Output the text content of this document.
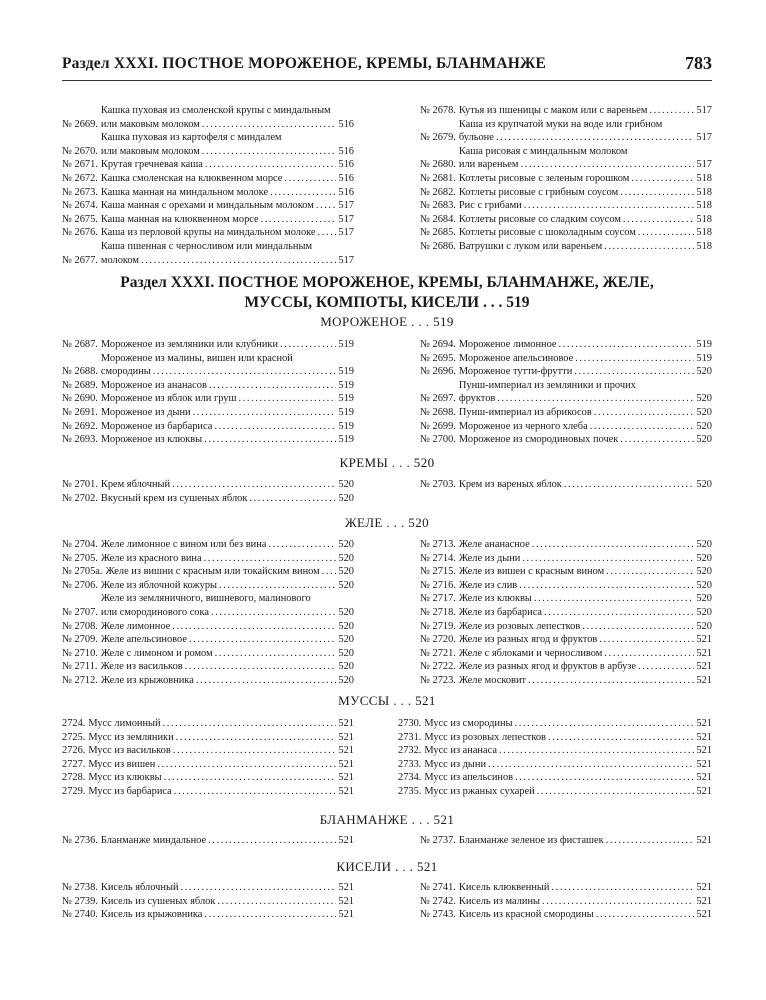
Раздел XXXI. ПОСТНОЕ МОРОЖЕНОЕ, КРЕМЫ, БЛАНМАНЖЕ	783
№ 2669.
Кашка пуховая из смоленской крупы с миндальным
или маковым молоком .....	516
№ 2670.
Кашка пуховая из картофеля с миндалем
или маковым молоком .....	516
№ 2671. Крутая гречневая каша .....	516
№ 2672. Кашка смоленская на клюквенном морсе .....	516
№ 2673. Кашка манная на миндальном молоке .....	516
№ 2674. Каша манная с орехами и миндальным молоком ..... 517
№ 2675. Каша манная на клюквенном морсе .....	517
№ 2676. Каша из перловой крупы на миндальном молоке ..... 517
№ 2677.
Каша пшенная с черносливом или миндальным
молоком .....	517
№ 2678. Кутья из пшеницы с маком или с вареньем .....	517
№ 2679.
Каша из крупчатой муки на воде или грибном
бульоне .....	517
№ 2680.
Каша рисовая с миндальным молоком
или вареньем .....	517
№ 2681. Котлеты рисовые с зеленым горошком .....	518
№ 2682. Котлеты рисовые с грибным соусом .....	518
№ 2683. Рис с грибами .....	518
№ 2684. Котлеты рисовые со сладким соусом .....	518
№ 2685. Котлеты рисовые с шоколадным соусом .....	518
№ 2686. Ватрушки с луком или вареньем .....	518
Раздел XXXI. ПОСТНОЕ МОРОЖЕНОЕ, КРЕМЫ, БЛАНМАНЖЕ, ЖЕЛЕ,
МУССЫ, КОМПОТЫ, КИСЕЛИ . . . 519
МОРОЖЕНОЕ . . . 519
№ 2687. Мороженое из земляники или клубники .....	519
№ 2688.
Мороженое из малины, вишен или красной
смородины .....	519
№ 2689. Мороженое из ананасов .....	519
№ 2690. Мороженое из яблок или груш .....	519
№ 2691. Мороженое из дыни .....	519
№ 2692. Мороженое из барбариса .....	519
№ 2693. Мороженое из клюквы .....	519
№ 2694. Мороженое лимонное .....	519
№ 2695. Мороженое апельсиновое .....	519
№ 2696. Мороженое тутти-фрутти .....	520
№ 2697.
Пунш-империал из земляники и прочих
фруктов .....	520
№ 2698. Пунш-империал из абрикосов .....	520
№ 2699. Мороженое из черного хлеба .....	520
№ 2700. Мороженое из смородиновых почек .....	520
КРЕМЫ . . . 520
№ 2701. Крем яблочный .....	520
№ 2702. Вкусный крем из сушеных яблок .....	520
№ 2703. Крем из вареных яблок .....	520
ЖЕЛЕ . . . 520
№ 2704. Желе лимонное с вином или без вина .....	520
№ 2705. Желе из красного вина .....	520
№ 2705а. Желе из вишни с красным или токайским вином ..... 520
№ 2706. Желе из яблочной кожуры .....	520
№ 2707.
Желе из земляничного, вишневого, малинового
или смородинового сока .....	520
№ 2708. Желе лимонное .....	520
№ 2709. Желе апельсиновое .....	520
№ 2710. Желе с лимоном и ромом .....	520
№ 2711. Желе из васильков .....	520
№ 2712. Желе из крыжовника .....	520
№ 2713. Желе ананасное .....	520
№ 2714. Желе из дыни .....	520
№ 2715. Желе из вишен с красным вином .....	520
№ 2716. Желе из слив .....	520
№ 2717. Желе из клюквы .....	520
№ 2718. Желе из барбариса .....	520
№ 2719. Желе из розовых лепестков .....	520
№ 2720. Желе из разных ягод и фруктов .....	521
№ 2721. Желе с яблоками и черносливом .....	521
№ 2722. Желе из разных ягод и фруктов в арбузе .....	521
№ 2723. Желе московит .....	521
МУССЫ . . . 521
2724. Мусс лимонный .....	521
2725. Мусс из земляники .....	521
2726. Мусс из васильков .....	521
2727. Мусс из вишен .....	521
2728. Мусс из клюквы .....	521
2729. Мусс из барбариса .....	521
2730. Мусс из смородины .....	521
2731. Мусс из розовых лепестков .....	521
2732. Мусс из ананаса .....	521
2733. Мусс из дыни .....	521
2734. Мусс из апельсинов .....	521
2735. Мусс из ржаных сухарей .....	521
БЛАНМАНЖЕ . . . 521
№ 2736. Бланманже миндальное .....	521	№ 2737. Бланманже зеленое из фисташек .....	521
КИСЕЛИ . . . 521
№ 2738. Кисель яблочный .....	521
№ 2739. Кисель из сушеных яблок .....	521
№ 2740. Кисель из крыжовника .....	521
№ 2741. Кисель клюквенный .....	521
№ 2742. Кисель из малины .....	521
№ 2743. Кисель из красной смородины .....	521
